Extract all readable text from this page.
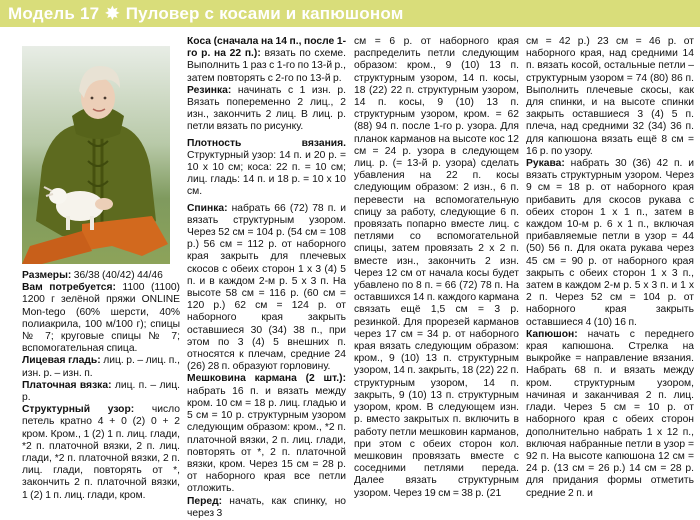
Модель 17 ✸ Пуловер с косами и капюшоном

Размеры: 36/38 (40/42) 44/46

Вам потребуется: 1100 (1100) 1200 г зелёной пряжи ONLINE Mon-tego (60% шерсти, 40% полиакрила, 100 м/100 г); спицы № 7; круговые спицы № 7; вспомогательная спица.

Лицевая гладь: лиц. р. – лиц. п., изн. р. – изн. п.

Платочная вязка: лиц. п. – лиц. р.

Структурный узор: число петель кратно 4 + 0 (2) 0 + 2 кром. Кром., 1 (2) 1 п. лиц. глади, *2 п. платочной вязки, 2 п. лиц. глади, *2 п. платочной вязки, 2 п. лиц. глади, повторять от *, закончить 2 п. платочной вязки, 1 (2) 1 п. лиц. глади, кром.

Коса (сначала на 14 п., после 1-го р. на 22 п.): вязать по схеме. Выполнить 1 раз с 1-го по 13-й р., затем повторять с 2-го по 13-й р.

Резинка: начинать с 1 изн. р. Вязать попеременно 2 лиц., 2 изн., закончить 2 лиц. В лиц. р. петли вязать по рисунку.

Плотность вязания. Структурный узор: 14 п. и 20 р. = 10 х 10 см; коса: 22 п. = 10 см; лиц. гладь: 14 п. и 18 р. = 10 х 10 см.

Спинка: набрать 66 (72) 78 п. и вязать структурным узором. Через 52 см = 104 р. (54 см = 108 р.) 56 см = 112 р. от наборного края закрыть для плечевых скосов с обеих сторон 1 х 3 (4) 5 п. и в каждом 2-м р. 5 х 3 п. На высоте 58 см = 116 р. (60 см = 120 р.) 62 см = 124 р. от наборного края закрыть оставшиеся 30 (34) 38 п., при этом по 3 (4) 5 внешних п. относятся к плечам, средние 24 (26) 28 п. образуют горловину.

Мешковина кармана (2 шт.): набрать 16 п. и вязать между кром. 10 см = 18 р. лиц. гладью и 5 см = 10 р. структурным узором следующим образом: кром., *2 п. платочной вязки, 2 п. лиц. глади, повторять от *, 2 п. платочной вязки, кром. Через 15 см = 28 р. от наборного края все петли отложить.

Перед: начать, как спинку, но через 3

см = 6 р. от наборного края распределить петли следующим образом: кром., 9 (10) 13 п. структурным узором, 14 п. косы, 18 (22) 22 п. структурным узором, 14 п. косы, 9 (10) 13 п. структурным узором, кром. = 62 (88) 94 п. после 1-го р. узора. Для планок карманов на высоте кос 12 см = 24 р. узора в следующем лиц. р. (= 13-й р. узора) сделать убавления на 22 п. косы следующим образом: 2 изн., 6 п. перевести на вспомогательную спицу за работу, следующие 6 п. провязать попарно вместе лиц. с петлями со вспомогательной спицы, затем провязать 2 х 2 п. вместе изн., закончить 2 изн. Через 12 см от начала косы будет убавлено по 8 п. = 66 (72) 78 п. На оставшихся 14 п. каждого кармана связать ещё 1,5 см = 3 р. резинкой. Для прорезей карманов через 17 см = 34 р. от наборного края вязать следующим образом: кром., 9 (10) 13 п. структурным узором, 14 п. закрыть, 18 (22) 22 п. структурным узором, 14 п. закрыть, 9 (10) 13 п. структурным узором, кром. В следующем изн. р. вместо закрытых п. включить в работу петли мешковин карманов, при этом с обеих сторон кол. мешковин провязать вместе с соседними петлями переда. Далее вязать структурным узором. Через 19 см = 38 р. (21

см = 42 р.) 23 см = 46 р. от наборного края, над средними 14 п. вязать косой, остальные петли – структурным узором = 74 (80) 86 п. Выполнить плечевые скосы, как для спинки, и на высоте спинки закрыть оставшиеся 3 (4) 5 п. плеча, над средними 32 (34) 36 п. для капюшона вязать ещё 8 см = 16 р. по узору.

Рукава: набрать 30 (36) 42 п. и вязать структурным узором. Через 9 см = 18 р. от наборного края прибавить для скосов рукава с обеих сторон 1 х 1 п., затем в каждом 10-м р. 6 х 1 п., включая прибавляемые петли в узор = 44 (50) 56 п. Для окатa рукава через 45 см = 90 р. от наборного края закрыть с обеих сторон 1 х 3 п., затем в каждом 2-м р. 5 х 3 п. и 1 х 2 п. Через 52 см = 104 р. от наборного края закрыть оставшиеся 4 (10) 16 п.

Капюшон: начать с переднего края капюшона. Стрелка на выкройке = направление вязания. Набрать 68 п. и вязать между кром. структурным узором, начиная и заканчивая 2 п. лиц. глади. Через 5 см = 10 р. от наборного края с обеих сторон дополнительно набрать 1 х 12 п., включая набранные петли в узор = 92 п. На высоте капюшона 12 см = 24 р. (13 см = 26 р.) 14 см = 28 р. для придания формы отметить средние 2 п. и
